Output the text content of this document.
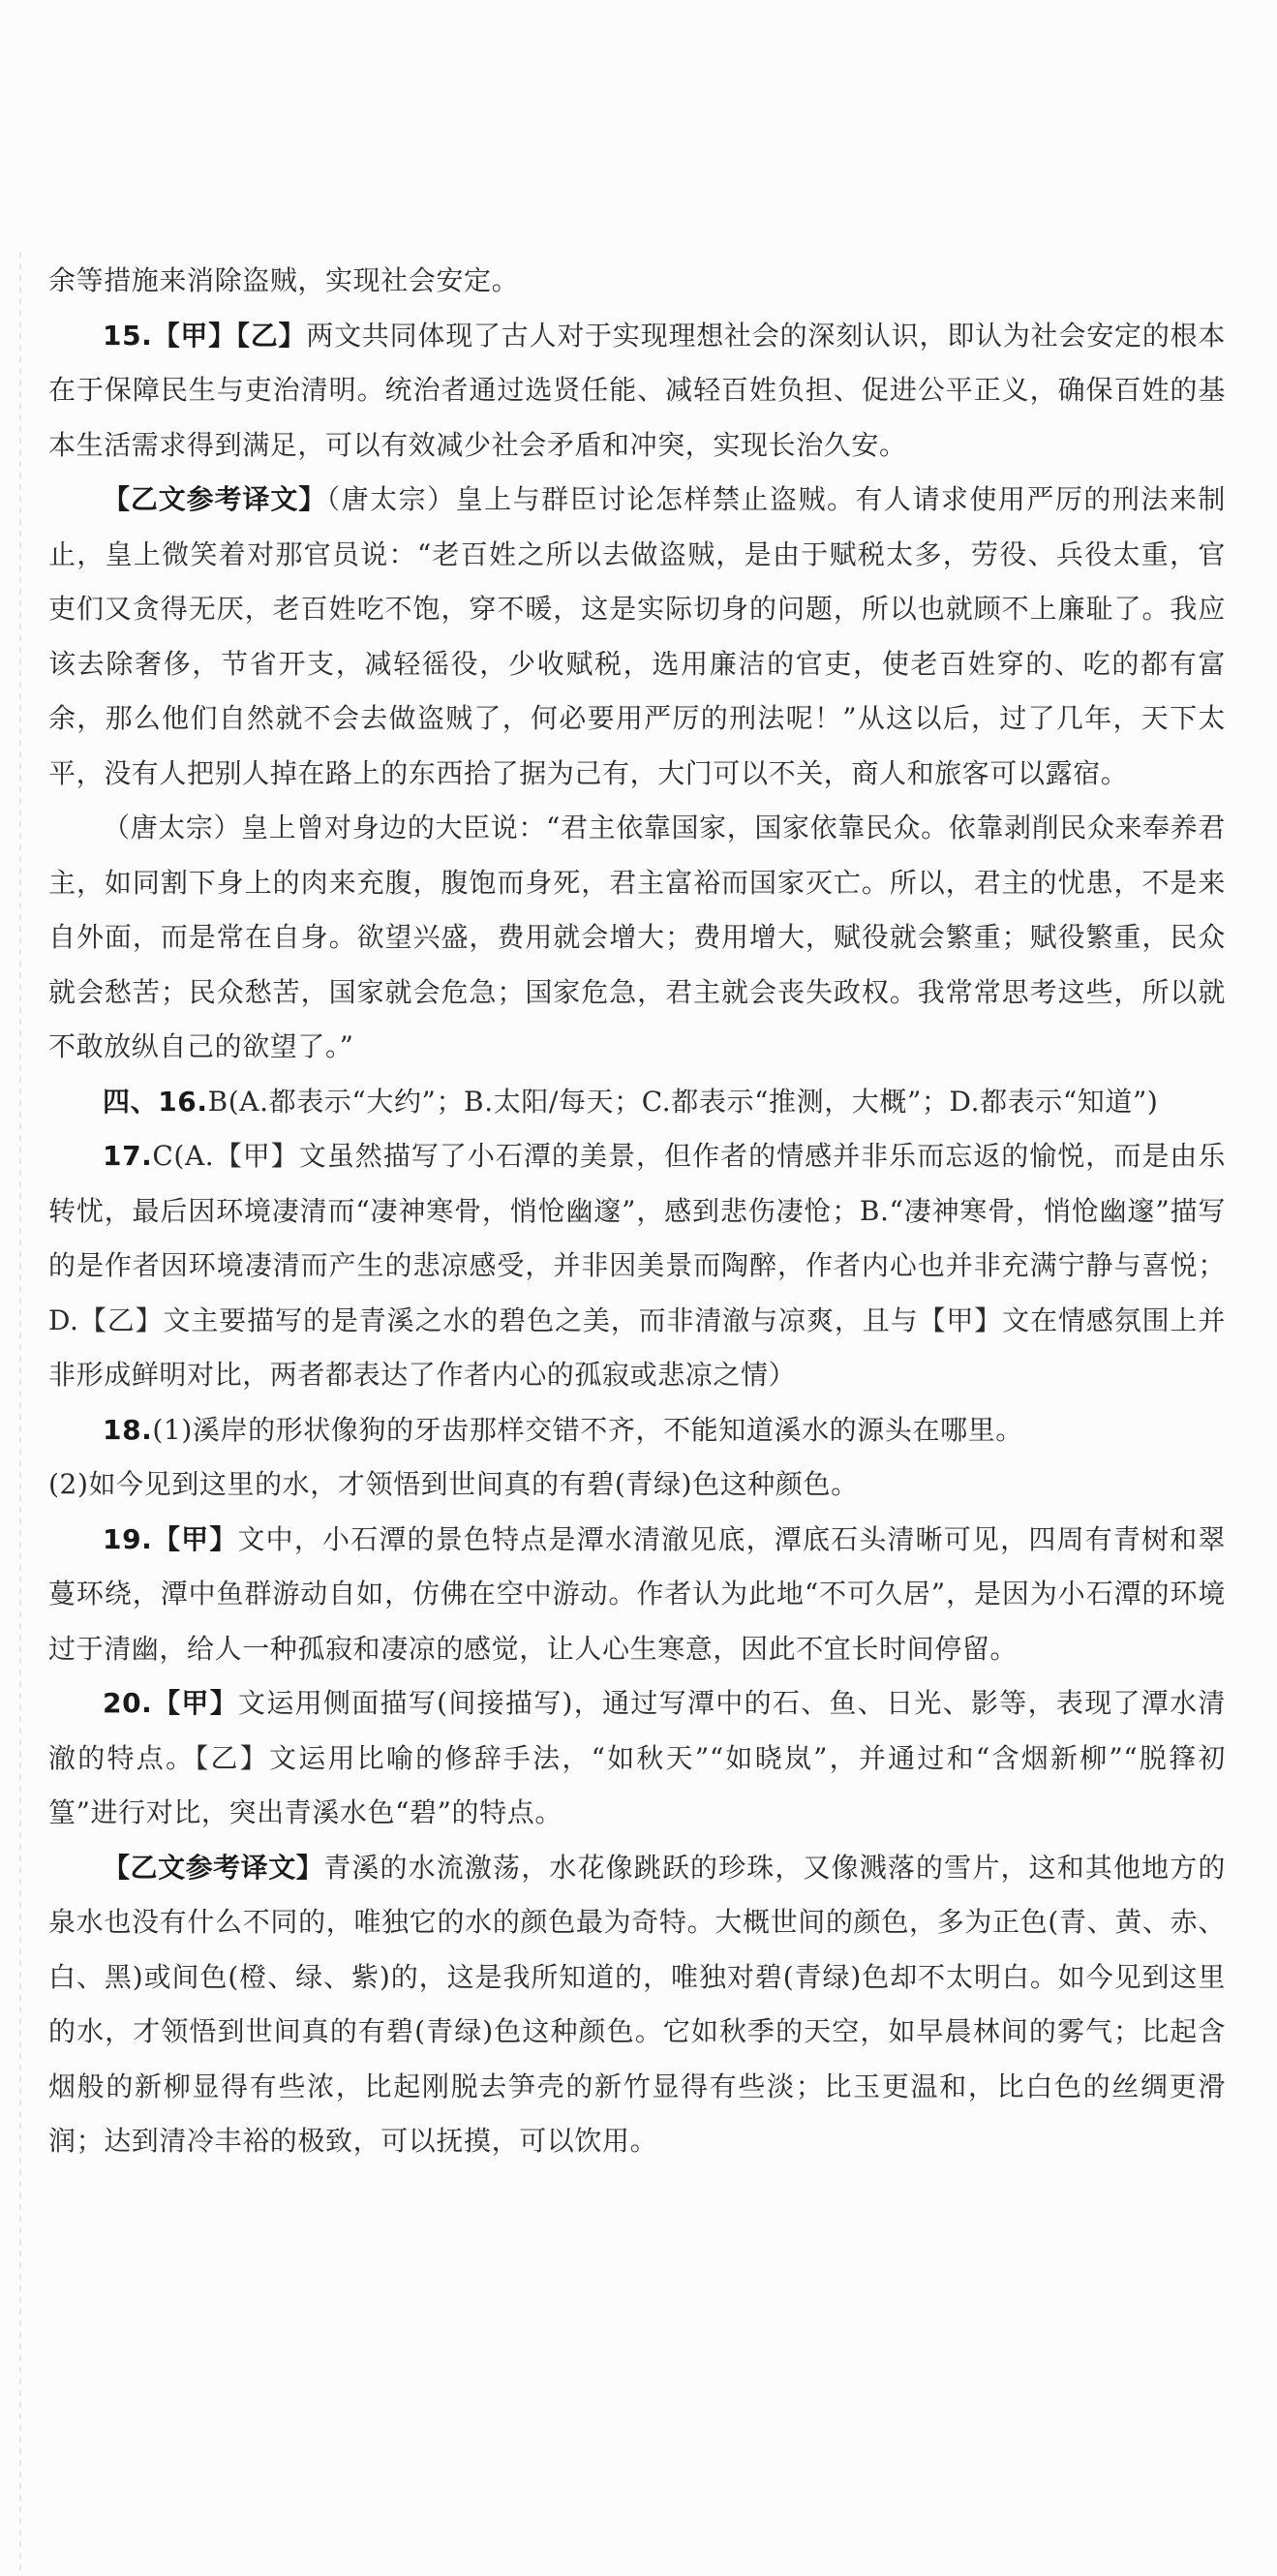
余等措施来消除盗贼，实现社会安定。

15.【甲】【乙】两文共同体现了古人对于实现理想社会的深刻认识，即认为社会安定的根本在于保障民生与吏治清明。统治者通过选贤任能、减轻百姓负担、促进公平正义，确保百姓的基本生活需求得到满足，可以有效减少社会矛盾和冲突，实现长治久安。

【乙文参考译文】（唐太宗）皇上与群臣讨论怎样禁止盗贼。有人请求使用严厉的刑法来制止，皇上微笑着对那官员说：“老百姓之所以去做盗贼，是由于赋税太多，劳役、兵役太重，官吏们又贪得无厌，老百姓吃不饱，穿不暖，这是实际切身的问题，所以也就顾不上廉耻了。我应该去除奢侈，节省开支，减轻徭役，少收赋税，选用廉洁的官吏，使老百姓穿的、吃的都有富余，那么他们自然就不会去做盗贼了，何必要用严厉的刑法呢！”从这以后，过了几年，天下太平，没有人把别人掉在路上的东西拾了据为己有，大门可以不关，商人和旅客可以露宿。

（唐太宗）皇上曾对身边的大臣说：“君主依靠国家，国家依靠民众。依靠剥削民众来奉养君主，如同割下身上的肉来充腹，腹饱而身死，君主富裕而国家灭亡。所以，君主的忧患，不是来自外面，而是常在自身。欲望兴盛，费用就会增大；费用增大，赋役就会繁重；赋役繁重，民众就会愁苦；民众愁苦，国家就会危急；国家危急，君主就会丧失政权。我常常思考这些，所以就不敢放纵自己的欲望了。”

四、16.B(A.都表示“大约”；B.太阳/每天；C.都表示“推测，大概”；D.都表示“知道”)

17.C(A.【甲】文虽然描写了小石潭的美景，但作者的情感并非乐而忘返的愉悦，而是由乐转忧，最后因环境凄清而“凄神寒骨，悄怆幽邃”，感到悲伤凄怆；B.“凄神寒骨，悄怆幽邃”描写的是作者因环境凄清而产生的悲凉感受，并非因美景而陶醉，作者内心也并非充满宁静与喜悦；D.【乙】文主要描写的是青溪之水的碧色之美，而非清澈与凉爽，且与【甲】文在情感氛围上并非形成鲜明对比，两者都表达了作者内心的孤寂或悲凉之情）

18.(1)溪岸的形状像狗的牙齿那样交错不齐，不能知道溪水的源头在哪里。

(2)如今见到这里的水，才领悟到世间真的有碧(青绿)色这种颜色。

19.【甲】文中，小石潭的景色特点是潭水清澈见底，潭底石头清晰可见，四周有青树和翠蔓环绕，潭中鱼群游动自如，仿佛在空中游动。作者认为此地“不可久居”，是因为小石潭的环境过于清幽，给人一种孤寂和凄凉的感觉，让人心生寒意，因此不宜长时间停留。

20.【甲】文运用侧面描写(间接描写)，通过写潭中的石、鱼、日光、影等，表现了潭水清澈的特点。【乙】文运用比喻的修辞手法，“如秋天”“如晓岚”，并通过和“含烟新柳”“脱箨初篁”进行对比，突出青溪水色“碧”的特点。

【乙文参考译文】青溪的水流激荡，水花像跳跃的珍珠，又像溅落的雪片，这和其他地方的泉水也没有什么不同的，唯独它的水的颜色最为奇特。大概世间的颜色，多为正色(青、黄、赤、白、黑)或间色(橙、绿、紫)的，这是我所知道的，唯独对碧(青绿)色却不太明白。如今见到这里的水，才领悟到世间真的有碧(青绿)色这种颜色。它如秋季的天空，如早晨林间的雾气；比起含烟般的新柳显得有些浓，比起刚脱去笋壳的新竹显得有些淡；比玉更温和，比白色的丝绸更滑润；达到清冷丰裕的极致，可以抚摸，可以饮用。
